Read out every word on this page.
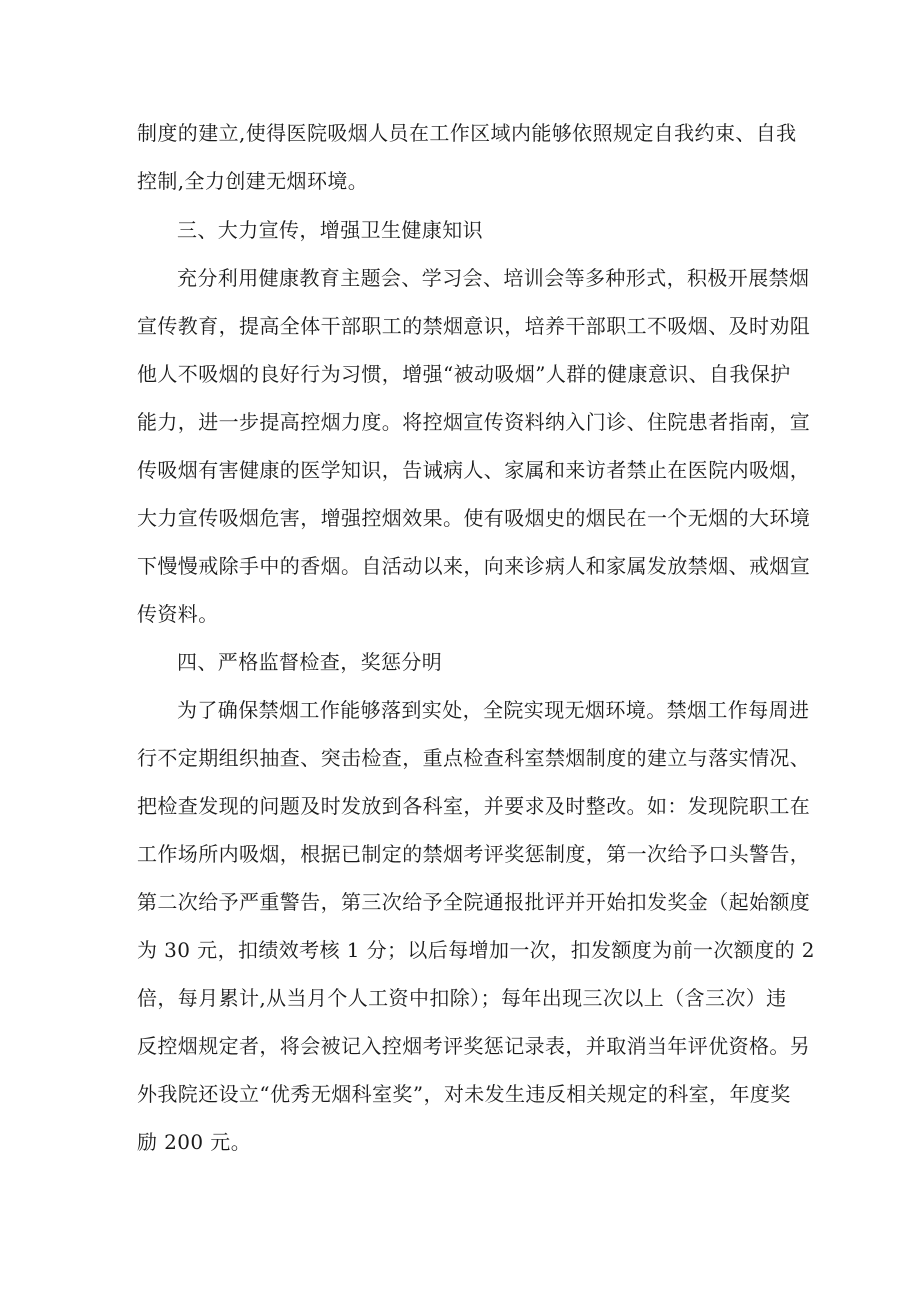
制度的建立,使得医院吸烟人员在工作区域内能够依照规定自我约束、自我
控制,全力创建无烟环境。
三、大力宣传，增强卫生健康知识
充分利用健康教育主题会、学习会、培训会等多种形式，积极开展禁烟
宣传教育，提高全体干部职工的禁烟意识，培养干部职工不吸烟、及时劝阻
他人不吸烟的良好行为习惯，增强“被动吸烟”人群的健康意识、自我保护
能力，进一步提高控烟力度。将控烟宣传资料纳入门诊、住院患者指南，宣
传吸烟有害健康的医学知识，告诫病人、家属和来访者禁止在医院内吸烟，
大力宣传吸烟危害，增强控烟效果。使有吸烟史的烟民在一个无烟的大环境
下慢慢戒除手中的香烟。自活动以来，向来诊病人和家属发放禁烟、戒烟宣
传资料。
四、严格监督检查，奖惩分明
为了确保禁烟工作能够落到实处，全院实现无烟环境。禁烟工作每周进
行不定期组织抽查、突击检查，重点检查科室禁烟制度的建立与落实情况、
把检查发现的问题及时发放到各科室，并要求及时整改。如：发现院职工在
工作场所内吸烟，根据已制定的禁烟考评奖惩制度，第一次给予口头警告，
第二次给予严重警告，第三次给予全院通报批评并开始扣发奖金（起始额度
为 30 元，扣绩效考核 1 分；以后每增加一次，扣发额度为前一次额度的 2
倍，每月累计,从当月个人工资中扣除）；每年出现三次以上（含三次）违
反控烟规定者，将会被记入控烟考评奖惩记录表，并取消当年评优资格。另
外我院还设立“优秀无烟科室奖”，对未发生违反相关规定的科室，年度奖
励 200 元。
